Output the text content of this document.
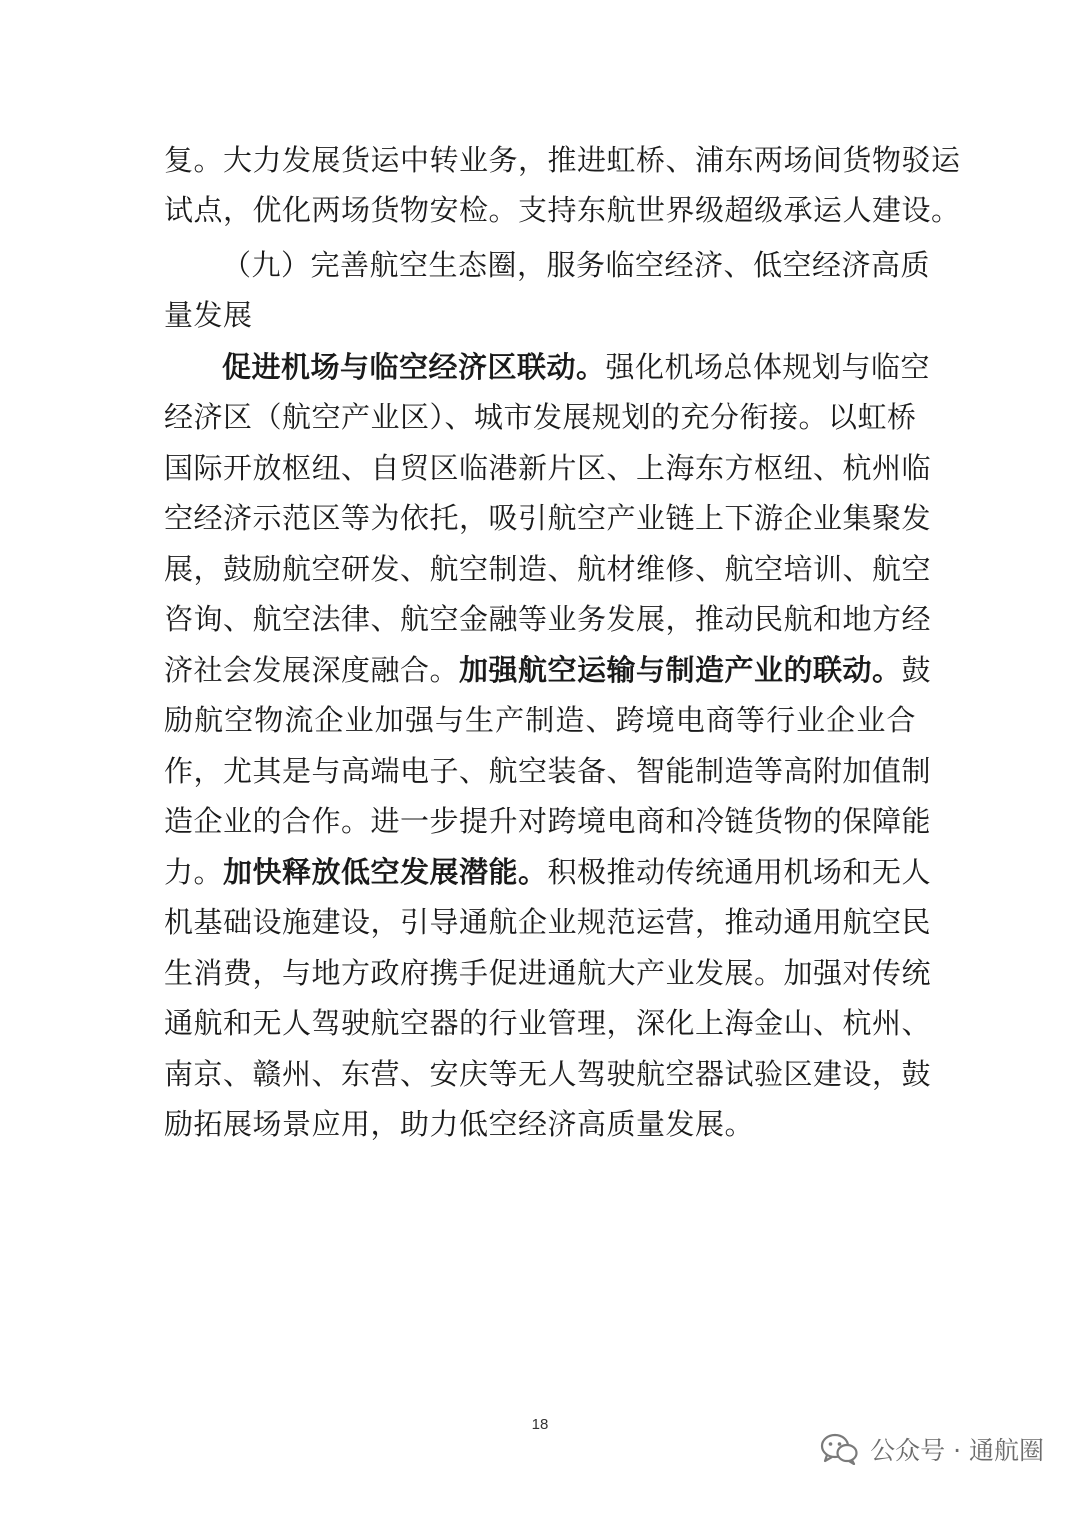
复。大力发展货运中转业务，推进虹桥、浦东两场间货物驳运
试点，优化两场货物安检。支持东航世界级超级承运人建设。
（九）完善航空生态圈，服务临空经济、低空经济高质
量发展
促进机场与临空经济区联动。强化机场总体规划与临空
经济区（航空产业区）、城市发展规划的充分衔接。以虹桥
国际开放枢纽、自贸区临港新片区、上海东方枢纽、杭州临
空经济示范区等为依托，吸引航空产业链上下游企业集聚发
展，鼓励航空研发、航空制造、航材维修、航空培训、航空
咨询、航空法律、航空金融等业务发展，推动民航和地方经
济社会发展深度融合。加强航空运输与制造产业的联动。鼓
励航空物流企业加强与生产制造、跨境电商等行业企业合
作，尤其是与高端电子、航空装备、智能制造等高附加值制
造企业的合作。进一步提升对跨境电商和冷链货物的保障能
力。加快释放低空发展潜能。积极推动传统通用机场和无人
机基础设施建设，引导通航企业规范运营，推动通用航空民
生消费，与地方政府携手促进通航大产业发展。加强对传统
通航和无人驾驶航空器的行业管理，深化上海金山、杭州、
南京、赣州、东营、安庆等无人驾驶航空器试验区建设，鼓
励拓展场景应用，助力低空经济高质量发展。
18
公众号 · 通航圈
